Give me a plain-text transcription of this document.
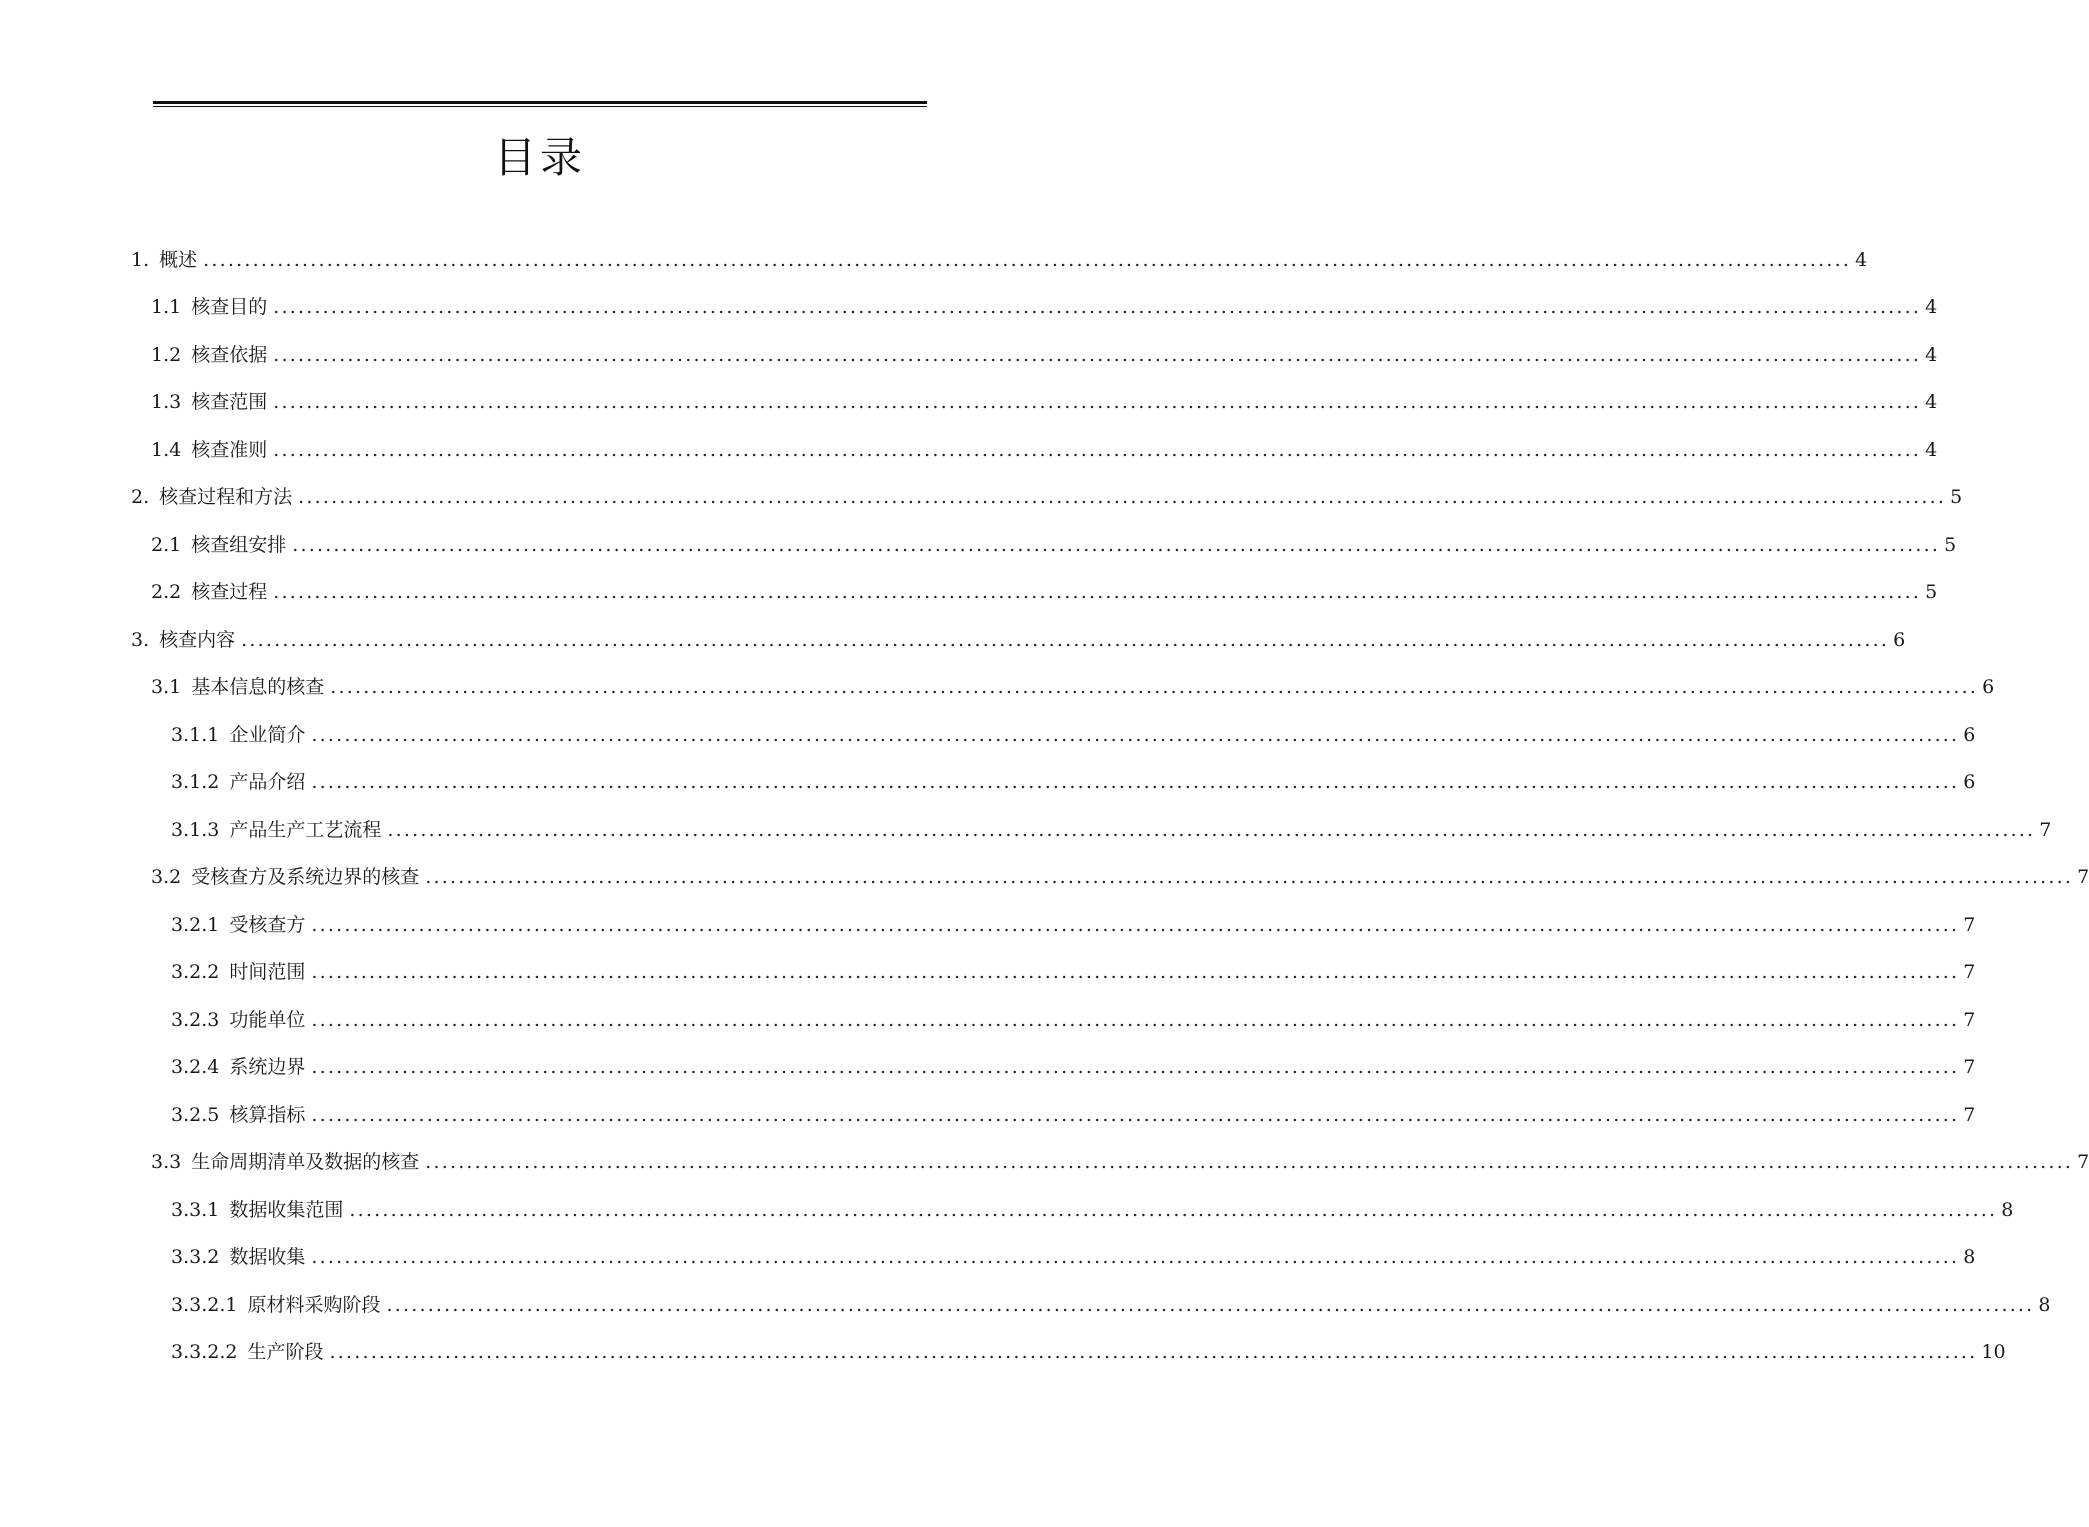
目录
1. 概述 ........................................................................................................................................................................................................ 4
1.1 核查目的 ........................................................................................................................................................................................................ 4
1.2 核查依据 ........................................................................................................................................................................................................ 4
1.3 核查范围 ........................................................................................................................................................................................................ 4
1.4 核查准则 ........................................................................................................................................................................................................ 4
2. 核查过程和方法 ........................................................................................................................................................................................................ 5
2.1 核查组安排 ........................................................................................................................................................................................................ 5
2.2 核查过程 ........................................................................................................................................................................................................ 5
3. 核查内容 ........................................................................................................................................................................................................ 6
3.1 基本信息的核查 ........................................................................................................................................................................................................ 6
3.1.1 企业简介 ........................................................................................................................................................................................................ 6
3.1.2 产品介绍 ........................................................................................................................................................................................................ 6
3.1.3 产品生产工艺流程 ........................................................................................................................................................................................................ 7
3.2 受核查方及系统边界的核查 ........................................................................................................................................................................................................ 7
3.2.1 受核查方 ........................................................................................................................................................................................................ 7
3.2.2 时间范围 ........................................................................................................................................................................................................ 7
3.2.3 功能单位 ........................................................................................................................................................................................................ 7
3.2.4 系统边界 ........................................................................................................................................................................................................ 7
3.2.5 核算指标 ........................................................................................................................................................................................................ 7
3.3 生命周期清单及数据的核查 ........................................................................................................................................................................................................ 7
3.3.1 数据收集范围 ........................................................................................................................................................................................................ 8
3.3.2 数据收集 ........................................................................................................................................................................................................ 8
3.3.2.1 原材料采购阶段 ........................................................................................................................................................................................................ 8
3.3.2.2 生产阶段 ........................................................................................................................................................................................................ 10
